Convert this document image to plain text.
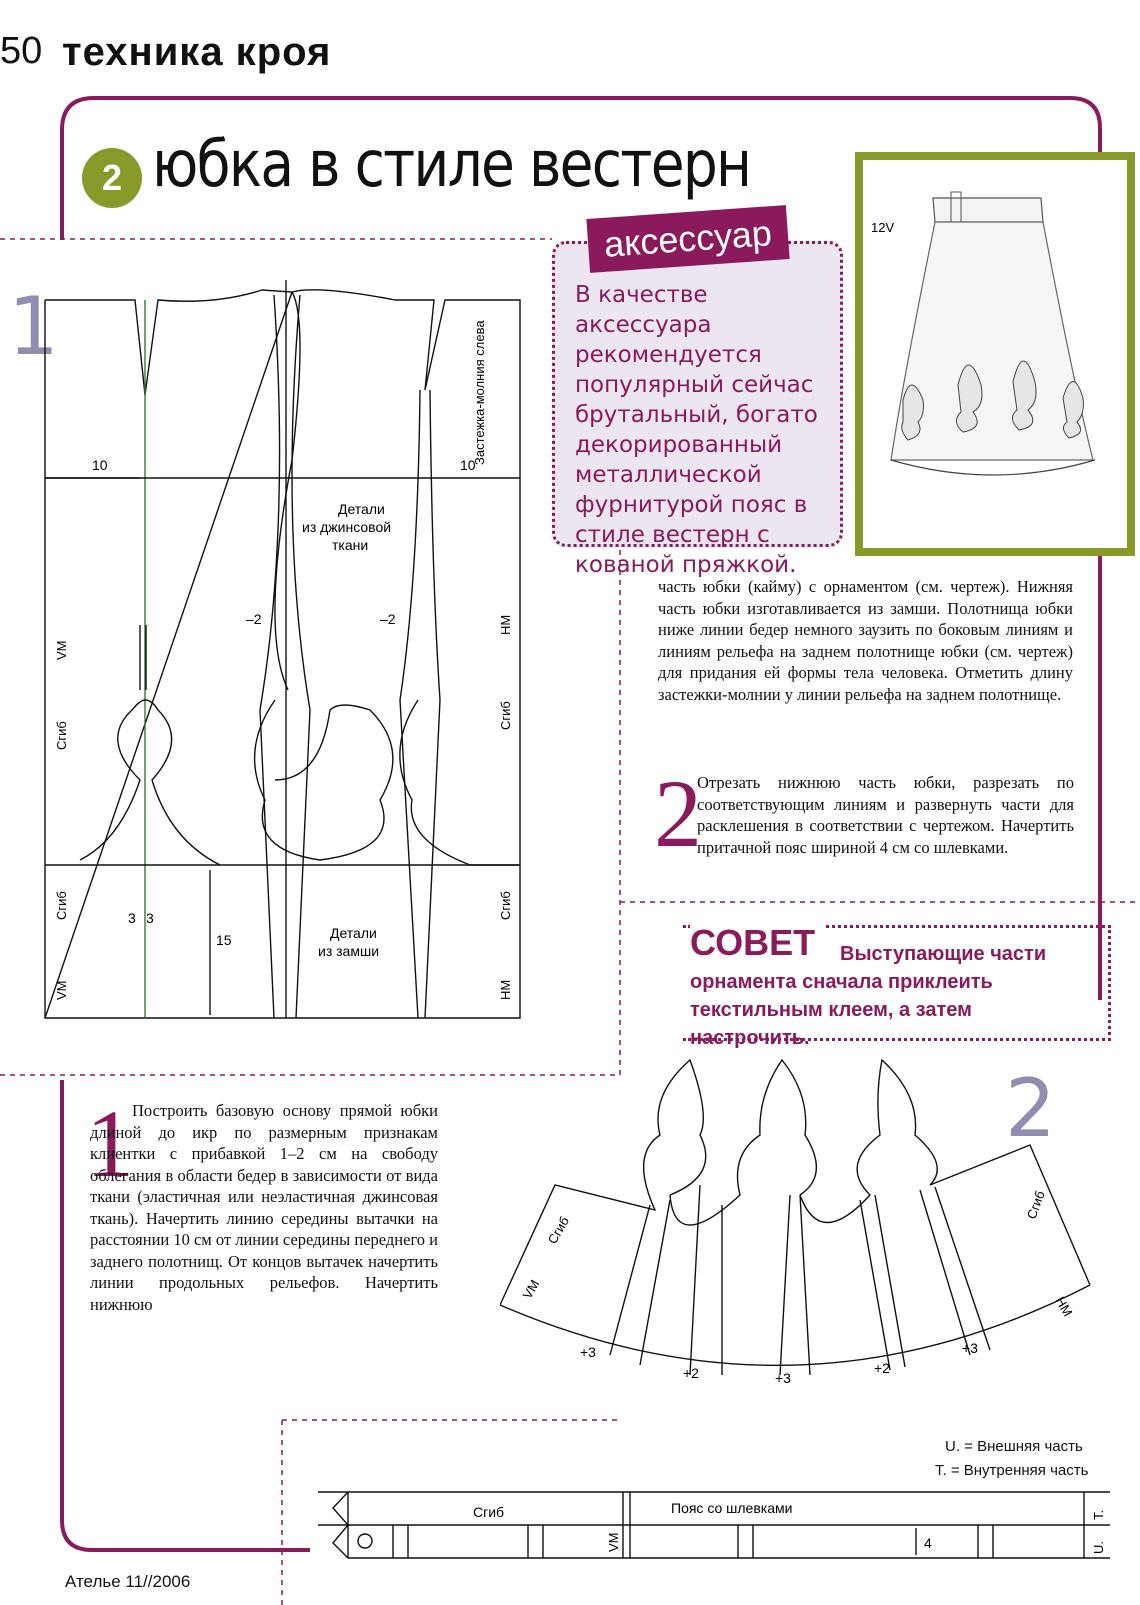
50 техника кроя
2 юбка в стиле вестерн
аксессуар
В качестве аксессуара рекомендуется популярный сейчас брутальный, богато декорированный металлической фурнитурой пояс в стиле вестерн с кованой пряжкой.
12V
1
10	10
Детали
из джинсовой
ткани
–2	–2
3 3
15	Детали
из замши
Застежка-молния слева
VM
Сгиб
Сгиб
VM
HM
Сгиб
Сгиб
HM
часть юбки (кайму) с орнаментом (см. чертеж). Нижняя часть юбки изготавливается из замши. Полотнища юбки ниже линии бедер немного заузить по боковым линиям и линиям рельефа на заднем полотнище юбки (см. чертеж) для придания ей формы тела человека. Отметить длину застежки-молнии у линии рельефа на заднем полотнище.
2
Отрезать нижнюю часть юбки, разрезать по соответствующим линиям и развернуть части для расклешения в соответствии с чертежом. Начертить притачной пояс шириной 4 см со шлевками.
СОВЕТ	Выступающие части орнамента сначала приклеить текстильным клеем, а затем настрочить.
1
Построить базовую основу прямой юбки длиной до икр по размерным признакам клиентки с прибавкой 1–2 см на свободу облегания в области бедер в зависимости от вида ткани (эластичная или неэластичная джинсовая ткань). Начертить линию середины вытачки на расстоянии 10 см от линии середины переднего и заднего полотнищ. От концов вытачек начертить линии продольных рельефов. Начертить нижнюю
2
+3
+2	+3
+2
+3
Сгиб
VM
Сгиб
HM
U. = Внешняя часть
T. = Внутренняя часть
Сгиб	Пояс со шлевками
4
VM
T.
U.
Ателье 11//2006
